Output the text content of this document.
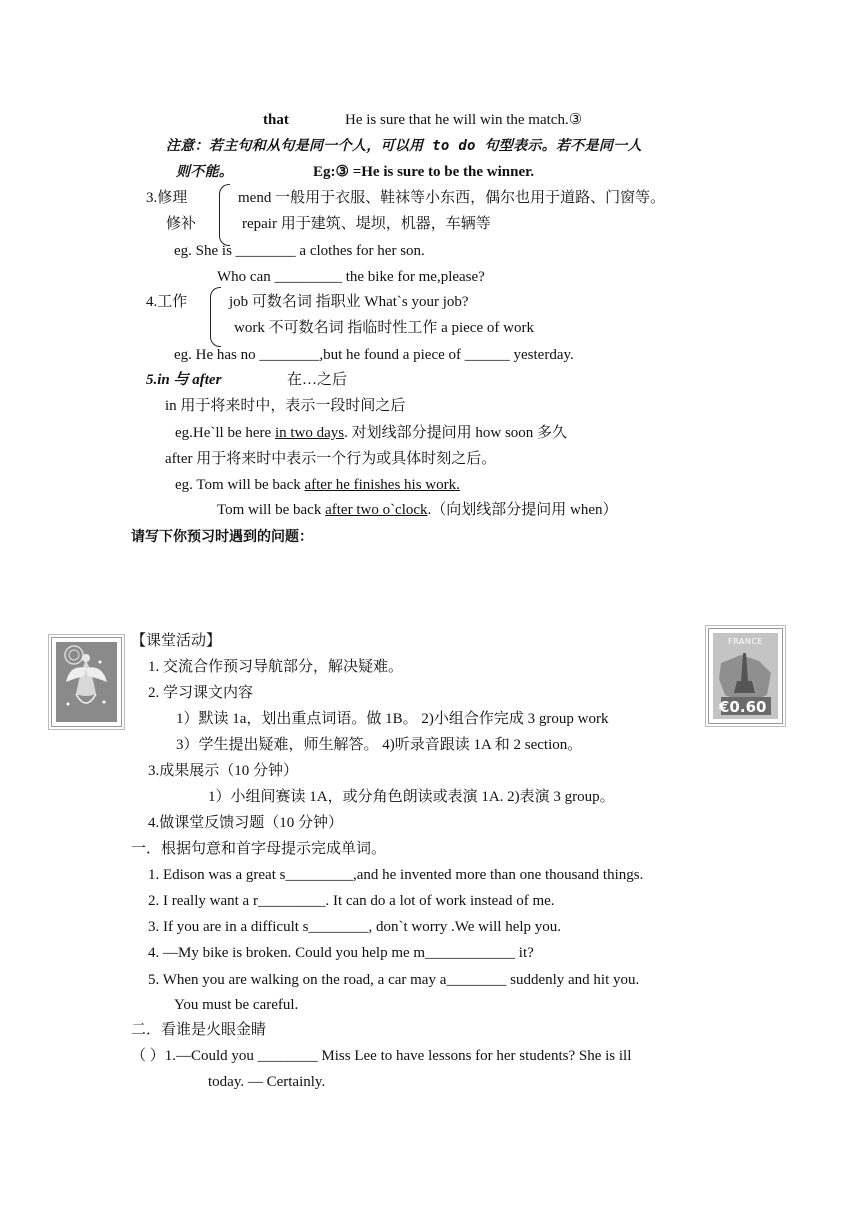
that	He is sure that he will win the match.③
注意：若主句和从句是同一个人，可以用 to do 句型表示。若不是同一人
则不能。	Eg:③ =He is sure to be the winner.
3.修理
修补
mend 一般用于衣服、鞋袜等小东西，偶尔也用于道路、门窗等。
repair 用于建筑、堤坝，机器，车辆等
eg. She is ________ a clothes for her son.
Who can _________ the bike for me,please?
4.工作	job 可数名词 指职业 What`s your job?
work 不可数名词 指临时性工作 a piece of work
eg. He has no ________,but he found a piece of ______ yesterday.
5.in 与 after	在…之后
in 用于将来时中，表示一段时间之后
eg.He`ll be here in two days. 对划线部分提问用 how soon 多久
after 用于将来时中表示一个行为或具体时刻之后。
eg. Tom will be back after he finishes his work.
Tom will be back after two o`clock.（向划线部分提问用 when）
请写下你预习时遇到的问题：
FRANCE
€0.60
【课堂活动】
1. 交流合作预习导航部分，解决疑难。
2. 学习课文内容
1）默读 1a，划出重点词语。做 1B。 2)小组合作完成 3 group work
3）学生提出疑难，师生解答。 4)听录音跟读 1A 和 2 section。
3.成果展示（10 分钟）
1）小组间赛读 1A，或分角色朗读或表演 1A. 2)表演 3 group。
4.做课堂反馈习题（10 分钟）
一．根据句意和首字母提示完成单词。
1. Edison was a great s_________,and he invented more than one thousand things.
2. I really want a r_________. It can do a lot of work instead of me.
3. If you are in a difficult s________, don`t worry .We will help you.
4. —My bike is broken. Could you help me m____________ it?
5. When you are walking on the road, a car may a________ suddenly and hit you.
You must be careful.
二．看谁是火眼金睛
（ ）1.—Could you ________ Miss Lee to have lessons for her students? She is ill
today. — Certainly.
